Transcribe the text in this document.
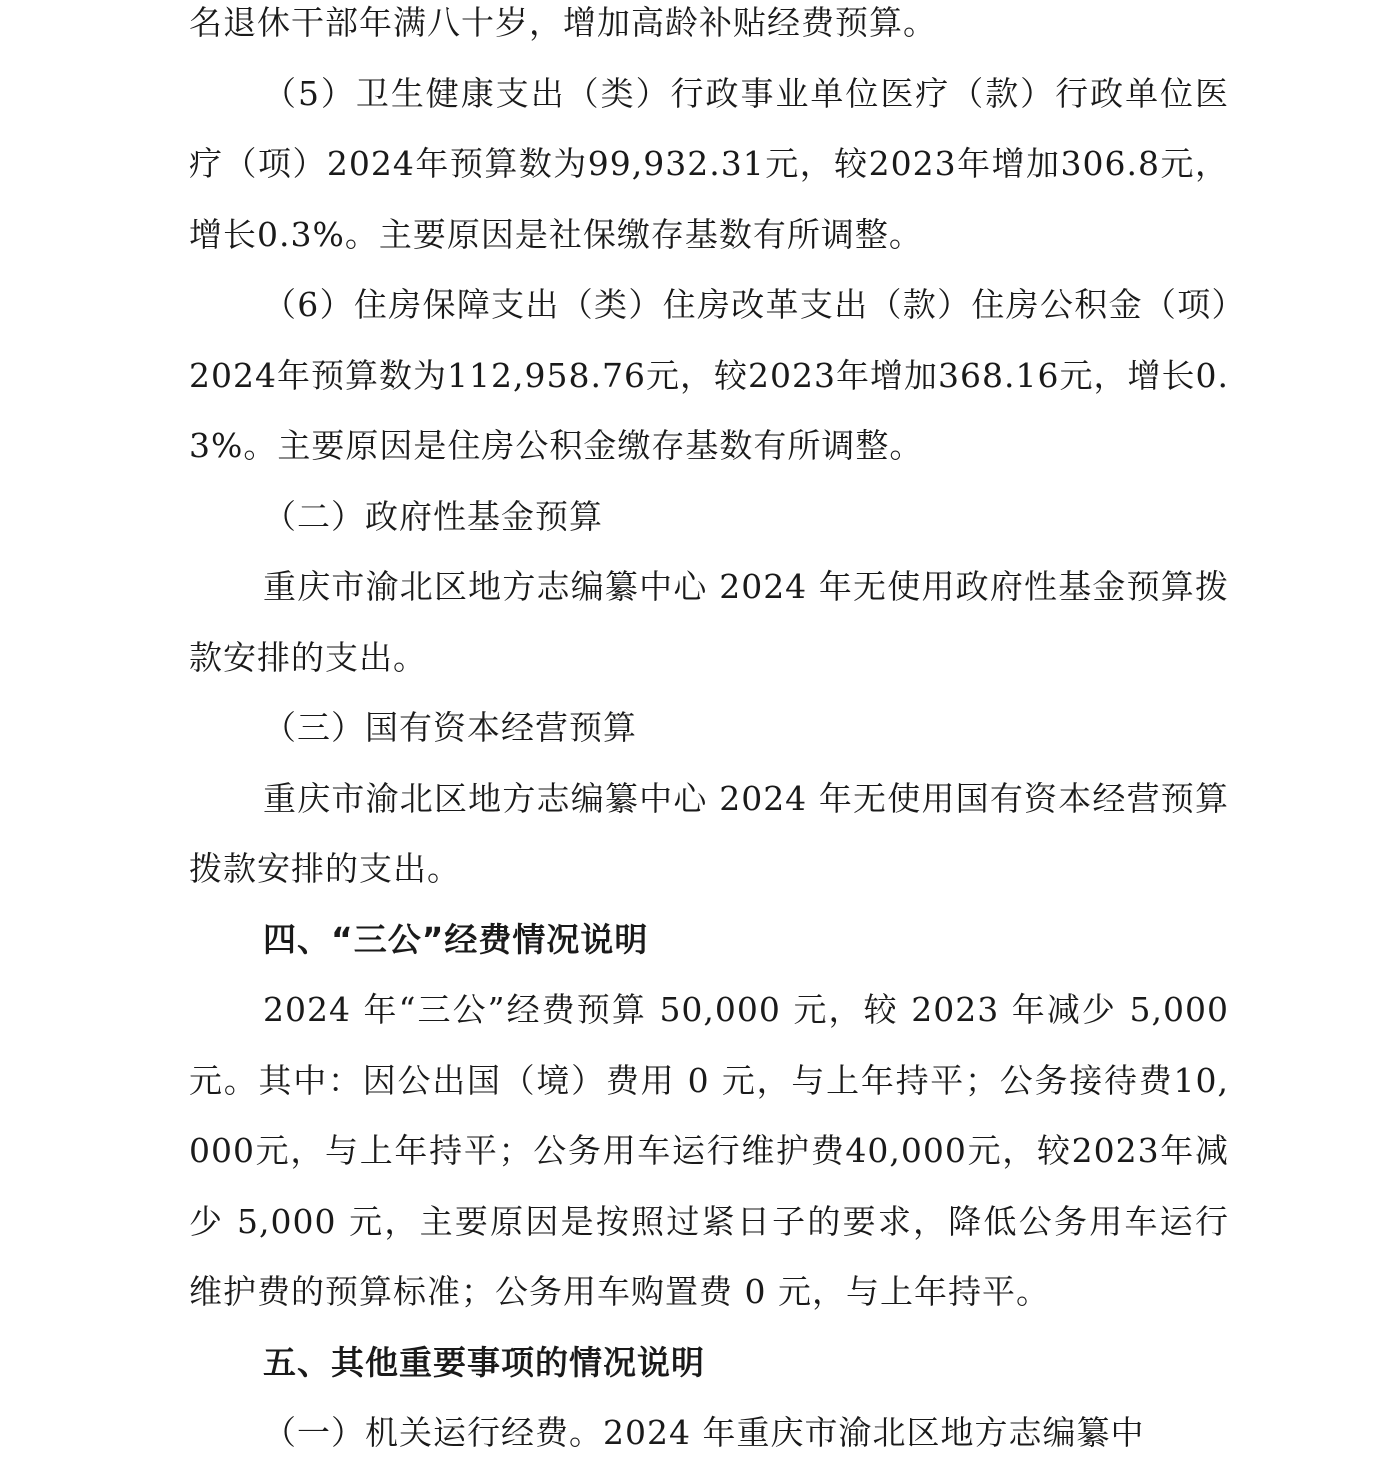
名退休干部年满八十岁，增加高龄补贴经费预算。

（5）卫生健康支出（类）行政事业单位医疗（款）行政单位医疗（项）2024年预算数为99,932.31元，较2023年增加306.8元，增长0.3%。主要原因是社保缴存基数有所调整。

（6）住房保障支出（类）住房改革支出（款）住房公积金（项）2024年预算数为112,958.76元，较2023年增加368.16元，增长0.3%。主要原因是住房公积金缴存基数有所调整。

（二）政府性基金预算

重庆市渝北区地方志编纂中心 2024 年无使用政府性基金预算拨款安排的支出。

（三）国有资本经营预算

重庆市渝北区地方志编纂中心 2024 年无使用国有资本经营预算拨款安排的支出。

四、“三公”经费情况说明

2024 年“三公”经费预算 50,000 元，较 2023 年减少 5,000 元。其中：因公出国（境）费用 0 元，与上年持平；公务接待费10,000元，与上年持平；公务用车运行维护费40,000元，较2023年减少 5,000 元，主要原因是按照过紧日子的要求，降低公务用车运行维护费的预算标准；公务用车购置费 0 元，与上年持平。

五、其他重要事项的情况说明

（一）机关运行经费。2024 年重庆市渝北区地方志编纂中
